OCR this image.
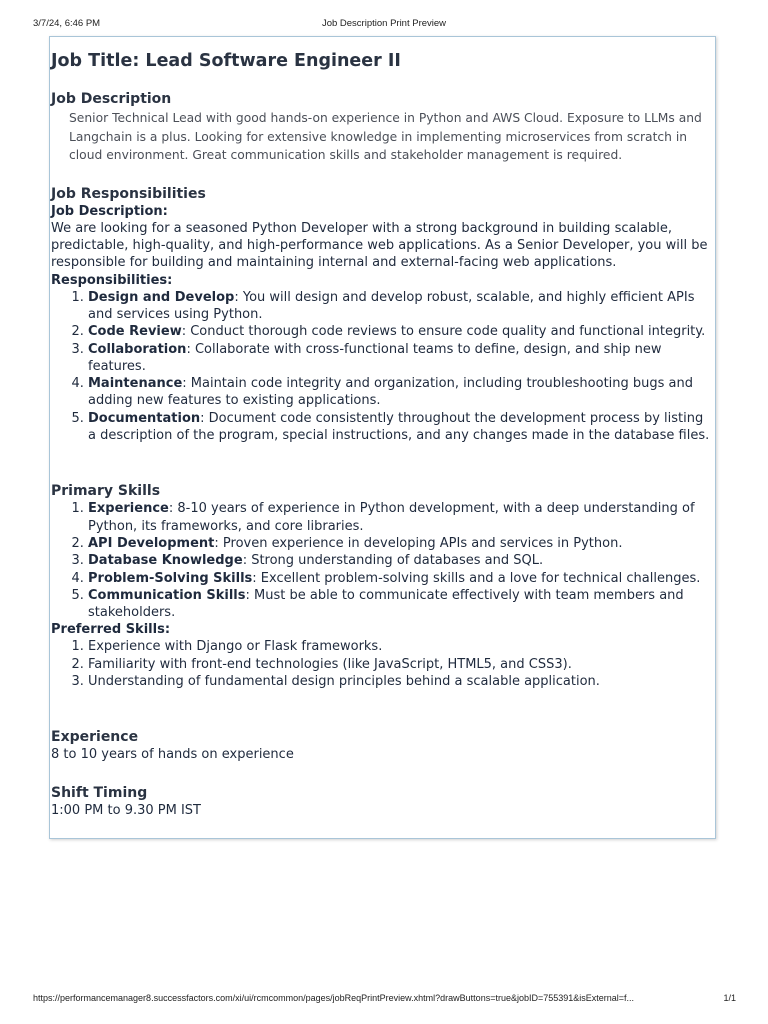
3/7/24, 6:46 PM	Job Description Print Preview
Job Title: Lead Software Engineer II
Job Description

Senior Technical Lead with good hands-on experience in Python and AWS Cloud. Exposure to LLMs and Langchain is a plus. Looking for extensive knowledge in implementing microservices from scratch in cloud environment. Great communication skills and stakeholder management is required.

Job Responsibilities
Job Description:

We are looking for a seasoned Python Developer with a strong background in building scalable, predictable, high-quality, and high-performance web applications. As a Senior Developer, you will be responsible for building and maintaining internal and external-facing web applications.

Responsibilities:
1. Design and Develop: You will design and develop robust, scalable, and highly efficient APIs and services using Python.
2. Code Review: Conduct thorough code reviews to ensure code quality and functional integrity.
3. Collaboration: Collaborate with cross-functional teams to define, design, and ship new features.
4. Maintenance: Maintain code integrity and organization, including troubleshooting bugs and adding new features to existing applications.
5. Documentation: Document code consistently throughout the development process by listing a description of the program, special instructions, and any changes made in the database files.
Primary Skills
1. Experience: 8-10 years of experience in Python development, with a deep understanding of Python, its frameworks, and core libraries.
2. API Development: Proven experience in developing APIs and services in Python.
3. Database Knowledge: Strong understanding of databases and SQL.
4. Problem-Solving Skills: Excellent problem-solving skills and a love for technical challenges.
5. Communication Skills: Must be able to communicate effectively with team members and stakeholders.
Preferred Skills:
1. Experience with Django or Flask frameworks.
2. Familiarity with front-end technologies (like JavaScript, HTML5, and CSS3).
3. Understanding of fundamental design principles behind a scalable application.
Experience

8 to 10 years of hands on experience

Shift Timing

1:00 PM to 9.30 PM IST

https://performancemanager8.successfactors.com/xi/ui/rcmcommon/pages/jobReqPrintPreview.xhtml?drawButtons=true&jobID=755391&isExternal=f...	1/1
